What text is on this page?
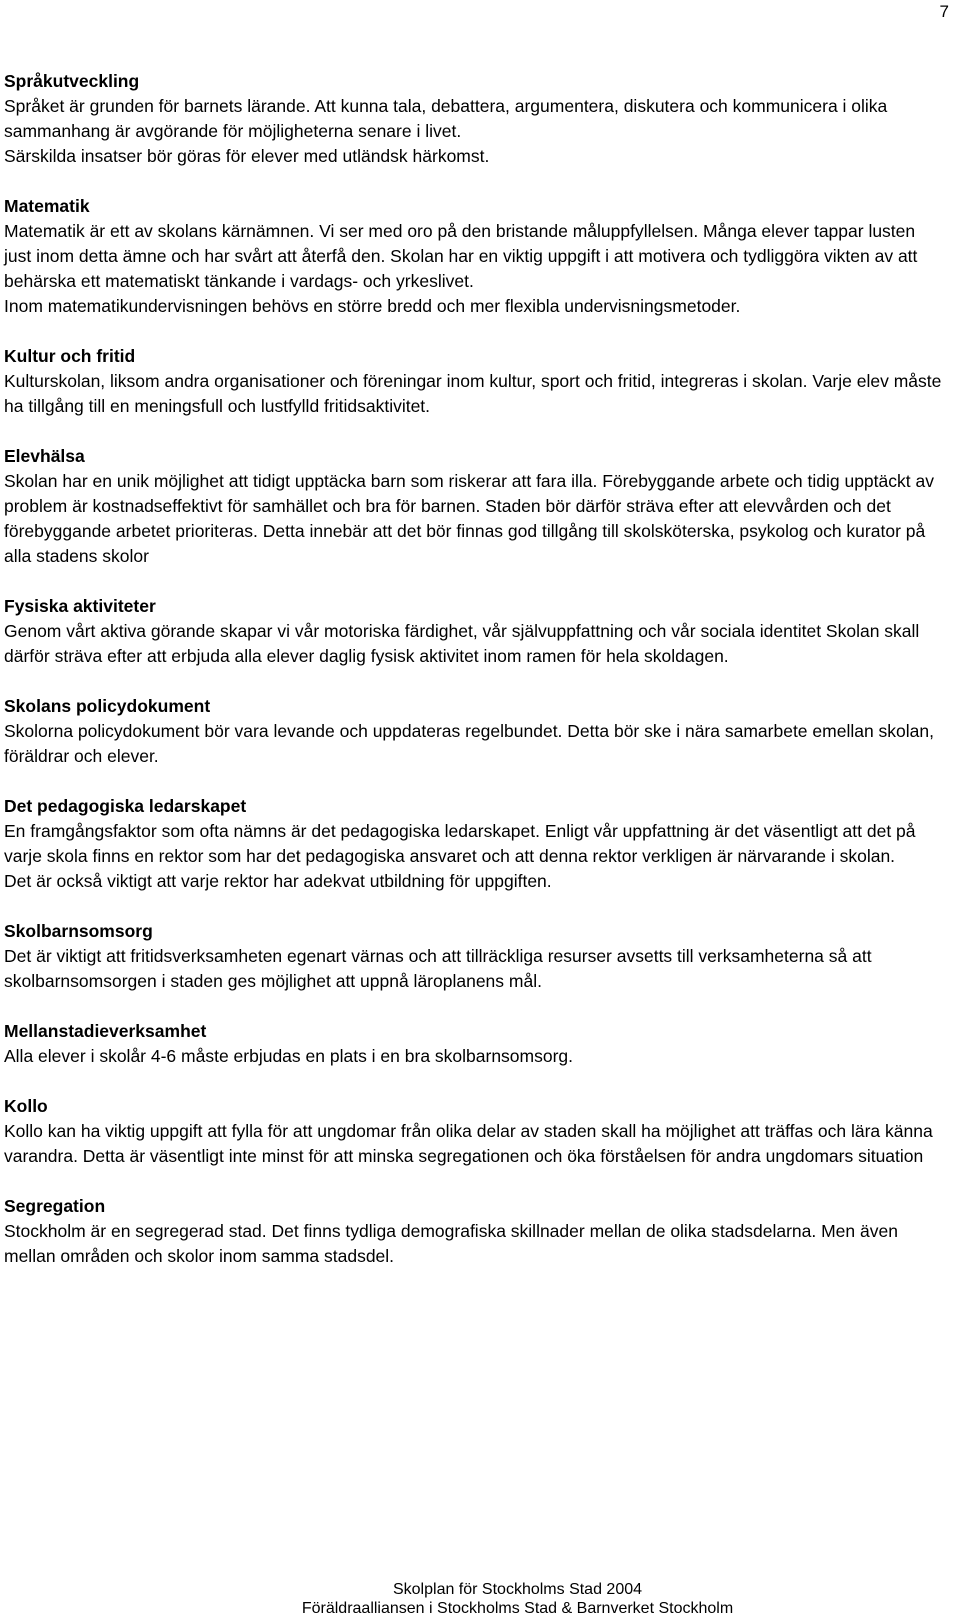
7

Språkutveckling

Språket är grunden för barnets lärande. Att kunna tala, debattera, argumentera, diskutera och kommunicera i olika sammanhang är avgörande för möjligheterna senare i livet.

Särskilda insatser bör göras för elever med utländsk härkomst.

Matematik

Matematik är ett av skolans kärnämnen. Vi ser med oro på den bristande måluppfyllelsen. Många elever tappar lusten just inom detta ämne och har svårt att återfå den. Skolan har en viktig uppgift i att motivera och tydliggöra vikten av att behärska ett matematiskt tänkande i vardags- och yrkeslivet.

Inom matematikundervisningen behövs en större bredd och mer flexibla undervisningsmetoder.

Kultur och fritid

Kulturskolan, liksom andra organisationer och föreningar inom kultur, sport och fritid, integreras i skolan. Varje elev måste ha tillgång till en meningsfull och lustfylld fritidsaktivitet.

Elevhälsa

Skolan har en unik möjlighet att tidigt upptäcka barn som riskerar att fara illa. Förebyggande arbete och tidig upptäckt av problem är kostnadseffektivt för samhället och bra för barnen. Staden bör därför sträva efter att elevvården och det förebyggande arbetet prioriteras. Detta innebär att det bör finnas god tillgång till skolsköterska, psykolog och kurator på alla stadens skolor

Fysiska aktiviteter

Genom vårt aktiva görande skapar vi vår motoriska färdighet, vår självuppfattning och vår sociala identitet Skolan skall därför sträva efter att erbjuda alla elever daglig fysisk aktivitet inom ramen för hela skoldagen.

Skolans policydokument

Skolorna policydokument bör vara levande och uppdateras regelbundet. Detta bör ske i nära samarbete emellan skolan, föräldrar och elever.

Det pedagogiska ledarskapet

En framgångsfaktor som ofta nämns är det pedagogiska ledarskapet. Enligt vår uppfattning är det väsentligt att det på varje skola finns en rektor som har det pedagogiska ansvaret och att denna rektor verkligen är närvarande i skolan.

Det är också viktigt att varje rektor har adekvat utbildning för uppgiften.

Skolbarnsomsorg

Det är viktigt att fritidsverksamheten egenart värnas och att tillräckliga resurser avsetts till verksamheterna så att skolbarnsomsorgen i staden ges möjlighet att uppnå läroplanens mål.

Mellanstadieverksamhet

Alla elever i skolår 4-6 måste erbjudas en plats i en bra skolbarnsomsorg.

Kollo

Kollo kan ha viktig uppgift att fylla för att ungdomar från olika delar av staden skall ha möjlighet att träffas och lära känna varandra. Detta är väsentligt inte minst för att minska segregationen och öka förståelsen för andra ungdomars situation

Segregation

Stockholm är en segregerad stad. Det finns tydliga demografiska skillnader mellan de olika stadsdelarna. Men även mellan områden och skolor inom samma stadsdel.

Skolplan för Stockholms Stad 2004
Föräldraalliansen i Stockholms Stad & Barnverket Stockholm
